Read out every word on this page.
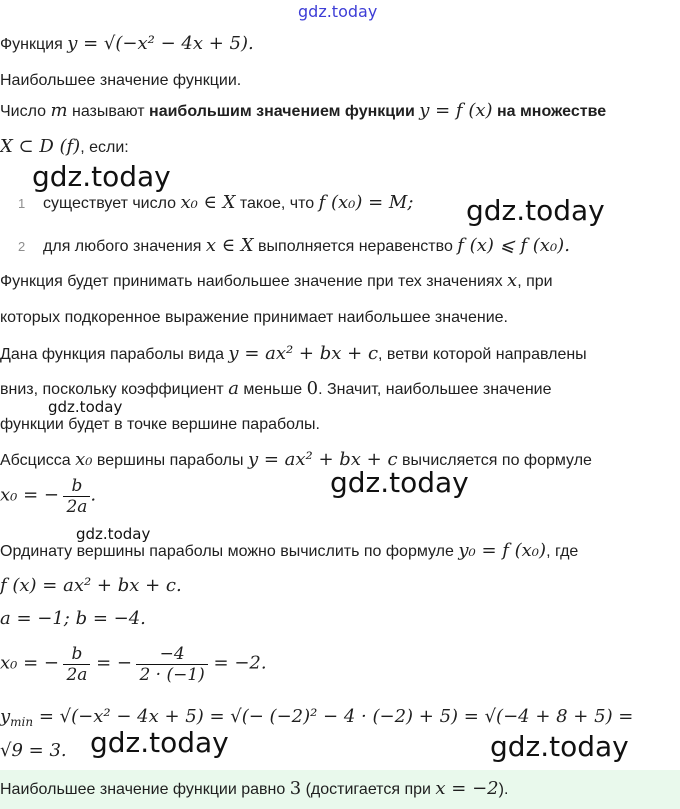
gdz.today
gdz.today
gdz.today
gdz.today
gdz.today
gdz.today
gdz.today	gdz.today
Функция y = √(−x² − 4x + 5).
Наибольшее значение функции.
Число m называют наибольшим значением функции y = f (x) на множестве
X ⊂ D (f), если:
1 существует число x₀ ∈ X такое, что f (x₀) = M;
2 для любого значения x ∈ X выполняется неравенство f (x) ⩽ f (x₀).
Функция будет принимать наибольшее значение при тех значениях x, при
которых подкоренное выражение принимает наибольшее значение.
Дана функция параболы вида y = ax² + bx + c, ветви которой направлены
вниз, поскольку коэффициент a меньше 0. Значит, наибольшее значение
функции будет в точке вершине параболы.
Абсцисса x₀ вершины параболы y = ax² + bx + c вычисляется по формуле
x₀ = − $\frac{b}{2a}$ .
Ординату вершины параболы можно вычислить по формуле y₀ = f (x₀), где
f (x) = ax² + bx + c.
a = −1; b = −4.
x₀ = − $\frac{b}{2a}$ = − $\frac{-4}{2 \cdot (-1)} = -2$.
$y_{min} = √(-x^2 - 4x + 5)$ = √(− (−2)² − 4 · (−2) + 5) = √(−4 + 8 + 5) =
√9 = 3.
Наибольшее значение функции равно 3 (достигается при x = −2).
